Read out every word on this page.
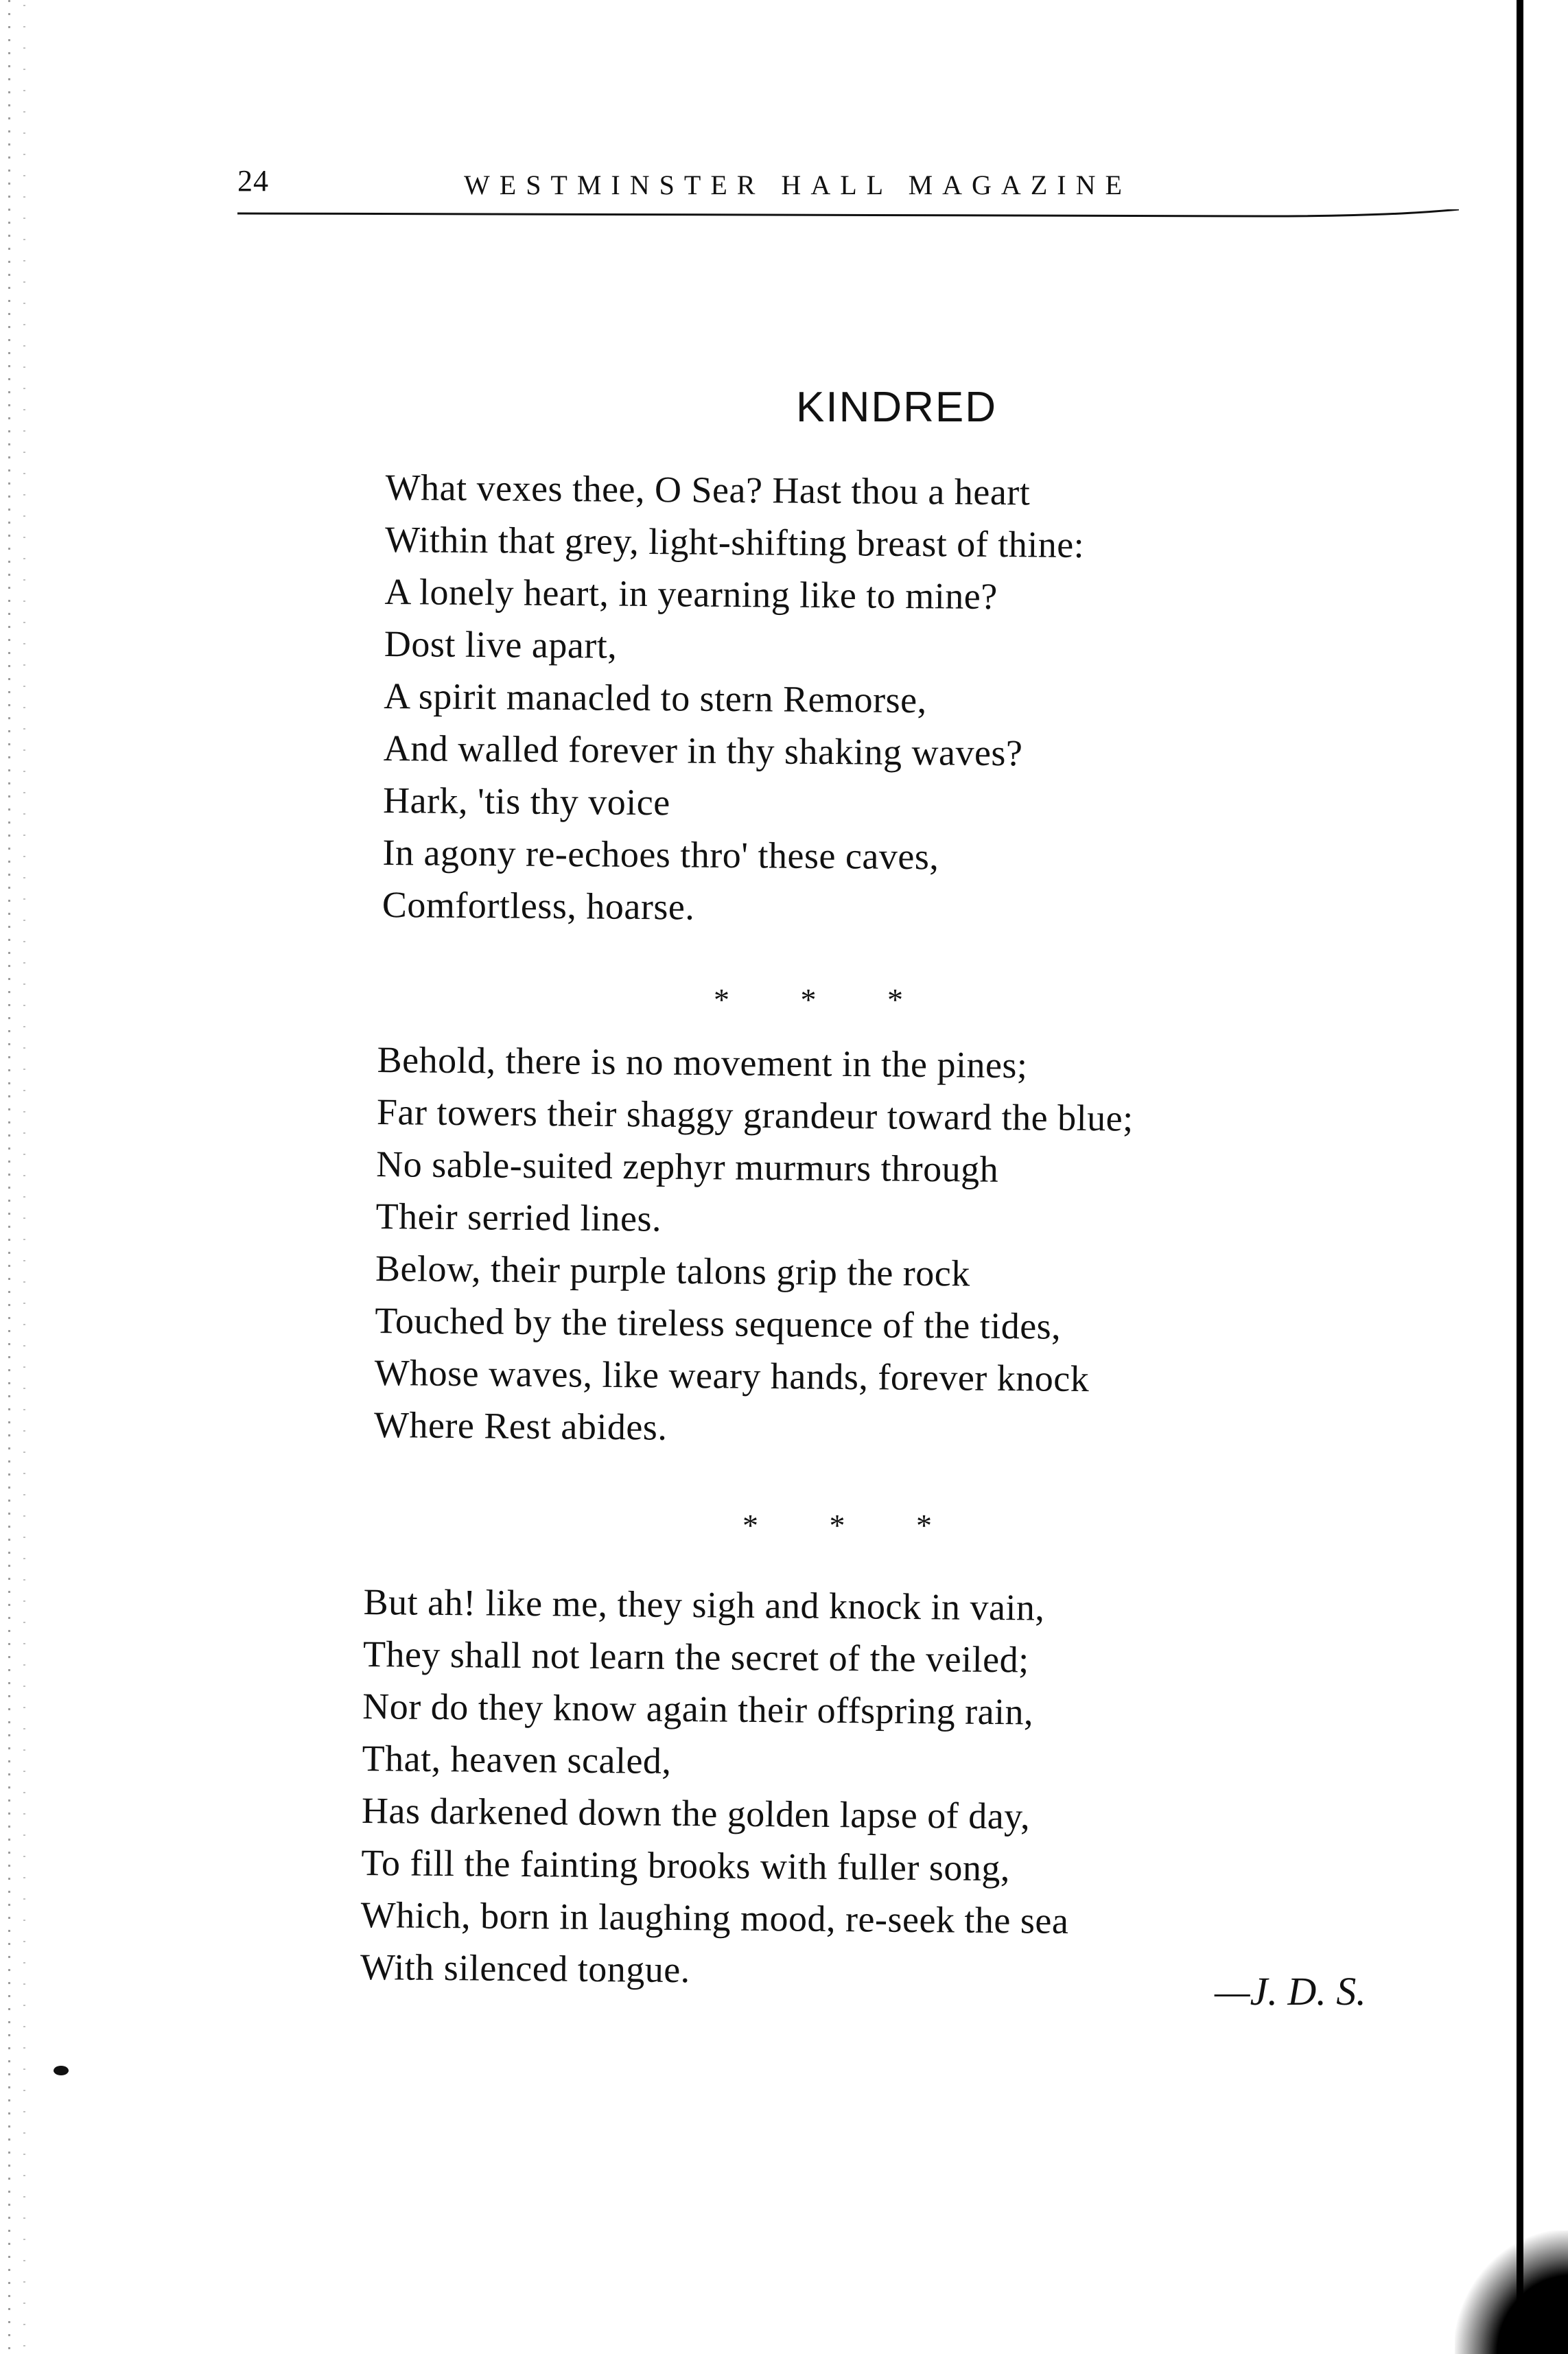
24	WESTMINSTER HALL MAGAZINE
KINDRED
What vexes thee, O Sea? Hast thou a heart
Within that grey, light-shifting breast of thine:
A lonely heart, in yearning like to mine?
Dost live apart,
A spirit manacled to stern Remorse,
And walled forever in thy shaking waves?
Hark, 'tis thy voice
In agony re-echoes thro' these caves,
Comfortless, hoarse.
* * *
Behold, there is no movement in the pines;
Far towers their shaggy grandeur toward the blue;
No sable-suited zephyr murmurs through
Their serried lines.
Below, their purple talons grip the rock
Touched by the tireless sequence of the tides,
Whose waves, like weary hands, forever knock
Where Rest abides.
* * *
But ah! like me, they sigh and knock in vain,
They shall not learn the secret of the veiled;
Nor do they know again their offspring rain,
That, heaven scaled,
Has darkened down the golden lapse of day,
To fill the fainting brooks with fuller song,
Which, born in laughing mood, re-seek the sea
With silenced tongue.
—J. D. S.
